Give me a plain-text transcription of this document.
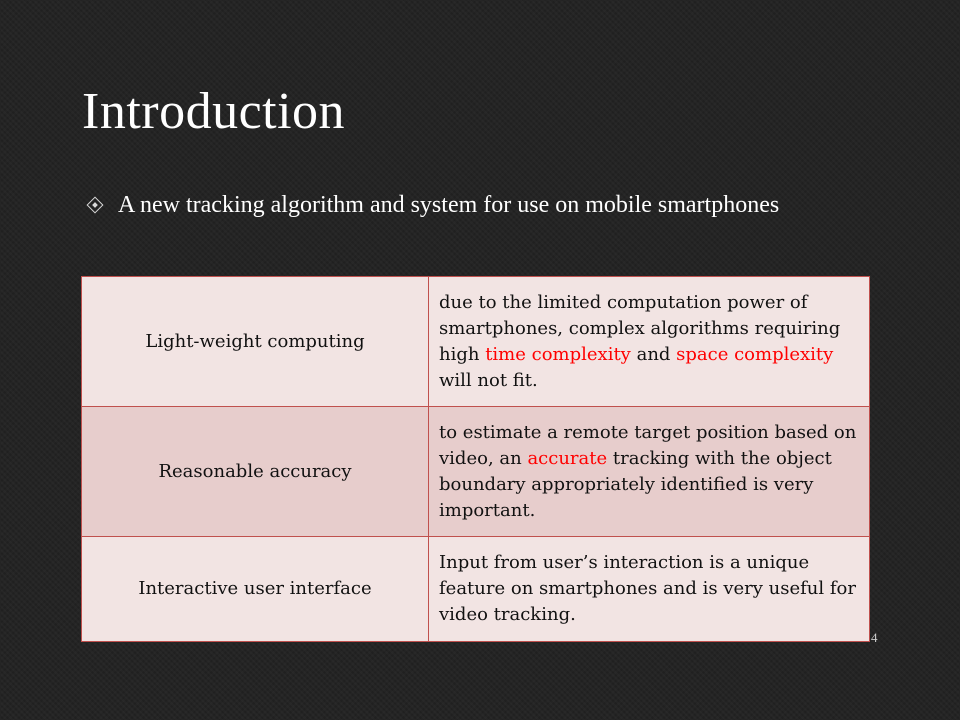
Introduction
A new tracking algorithm and system for use on mobile smartphones
Light-weight computing	due to the limited computation power of smartphones, complex algorithms requiring high time complexity and space complexity will not fit.
Reasonable accuracy	to estimate a remote target position based on video, an accurate tracking with the object boundary appropriately identified is very important.
Interactive user interface	Input from user’s interaction is a unique feature on smartphones and is very useful for video tracking.
4
